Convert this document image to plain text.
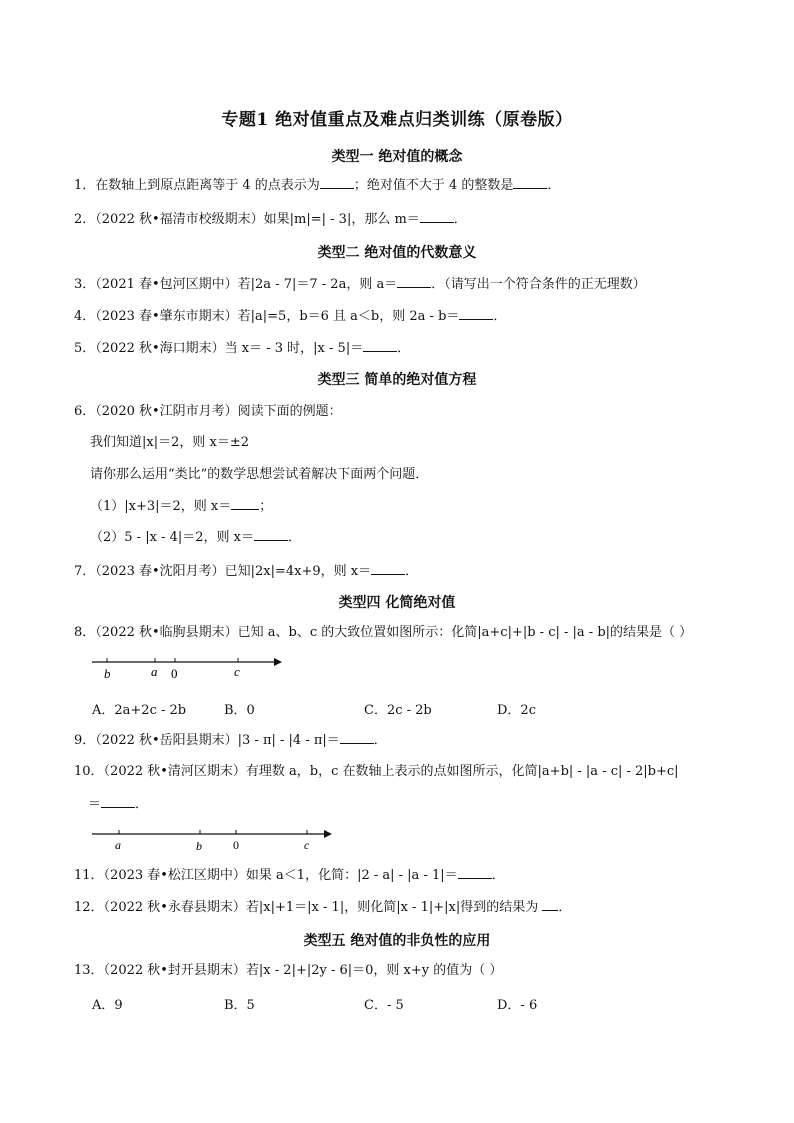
专题1 绝对值重点及难点归类训练（原卷版）
类型一 绝对值的概念
1．在数轴上到原点距离等于 4 的点表示为	；绝对值不大于 4 的整数是	．
2．（2022 秋•福清市校级期末）如果|m|=| - 3|，那么 m＝	．
类型二 绝对值的代数意义
3．（2021 春•包河区期中）若|2a - 7|＝7 - 2a，则 a＝	．（请写出一个符合条件的正无理数）
4．（2023 春•肇东市期末）若|a|=5，b＝6 且 a＜b，则 2a - b＝	．
5．（2022 秋•海口期末）当 x＝ - 3 时，|x - 5|＝	．
类型三 简单的绝对值方程
6．（2020 秋•江阴市月考）阅读下面的例题：
我们知道|x|＝2，则 x＝±2
请你那么运用“类比”的数学思想尝试着解决下面两个问题．
（1）|x+3|＝2，则 x＝ ；
（2）5 - |x - 4|＝2，则 x＝	．
7．（2023 春•沈阳月考）已知|2x|=4x+9，则 x＝	．
类型四 化简绝对值
8．（2022 秋•临朐县期末）已知 a、b、c 的大致位置如图所示：化简|a+c|+|b - c| - |a - b|的结果是（ ）
b	a 0	c
A．2a+2c - 2b	B．0	C．2c - 2b	D．2c
9．（2022 秋•岳阳县期末）|3 - π| - |4 - π|＝	．
10．（2022 秋•清河区期末）有理数 a，b，c 在数轴上表示的点如图所示，化简|a+b| - |a - c| - 2|b+c|
＝	．
a	b	0	c
11．（2023 春•松江区期中）如果 a＜1，化简：|2 - a| - |a - 1|＝	．
12．（2022 秋•永春县期末）若|x|+1＝|x - 1|，则化简|x - 1|+|x|得到的结果为 ．
类型五 绝对值的非负性的应用
13．（2022 秋•封开县期末）若|x - 2|+|2y - 6|＝0，则 x+y 的值为（ ）
A．9	B．5	C．- 5	D．- 6
